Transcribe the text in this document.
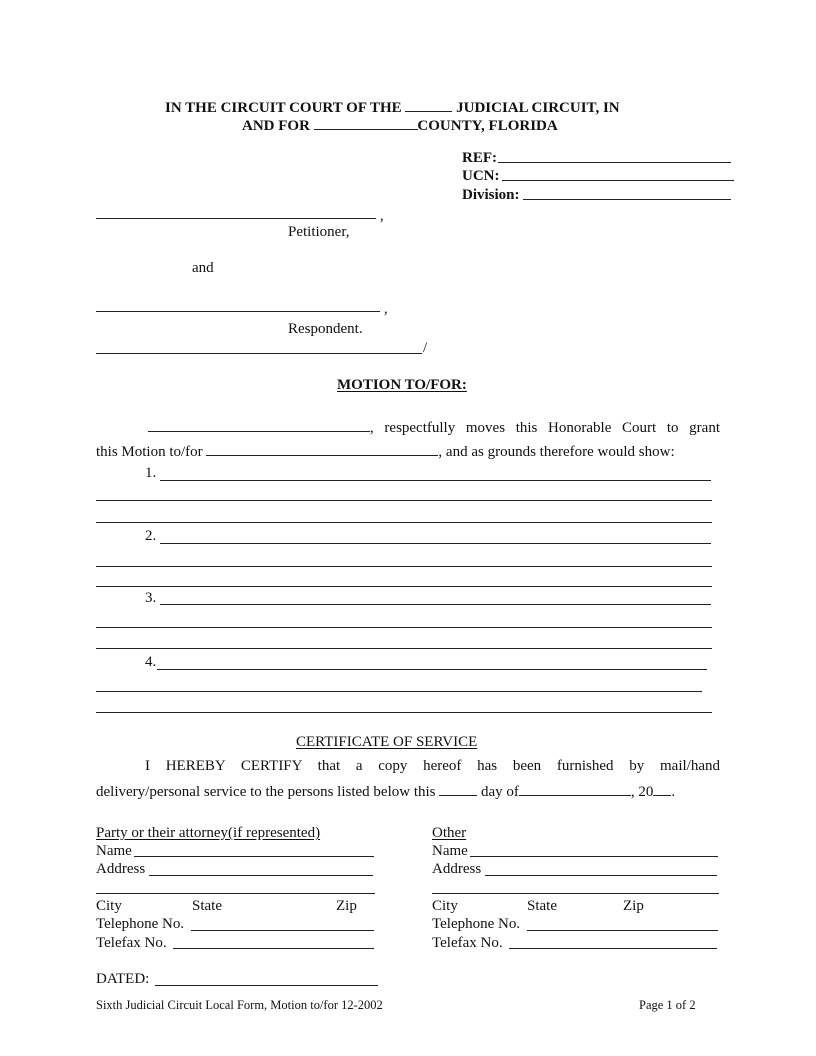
IN THE CIRCUIT COURT OF THE	JUDICIAL CIRCUIT, IN
AND FOR	COUNTY, FLORIDA
REF:
UCN:
Division:
,
Petitioner,
and
,
Respondent.
/
MOTION TO/FOR:
, respectfully moves this Honorable Court to grant
this Motion to/for	, and as grounds therefore would show:
1.
2.
3.
4.
CERTIFICATE OF SERVICE
I HEREBY CERTIFY that a copy hereof has been furnished by mail/hand
delivery/personal service to the persons listed below this	day of	, 20 .
Party or their attorney(if represented)
Name
Address
City	State	Zip
Telephone No.
Telefax No.
Other
Name
Address
City	State	Zip
Telephone No.
Telefax No.
DATED:
Sixth Judicial Circuit Local Form, Motion to/for 12-2002	Page 1 of 2
